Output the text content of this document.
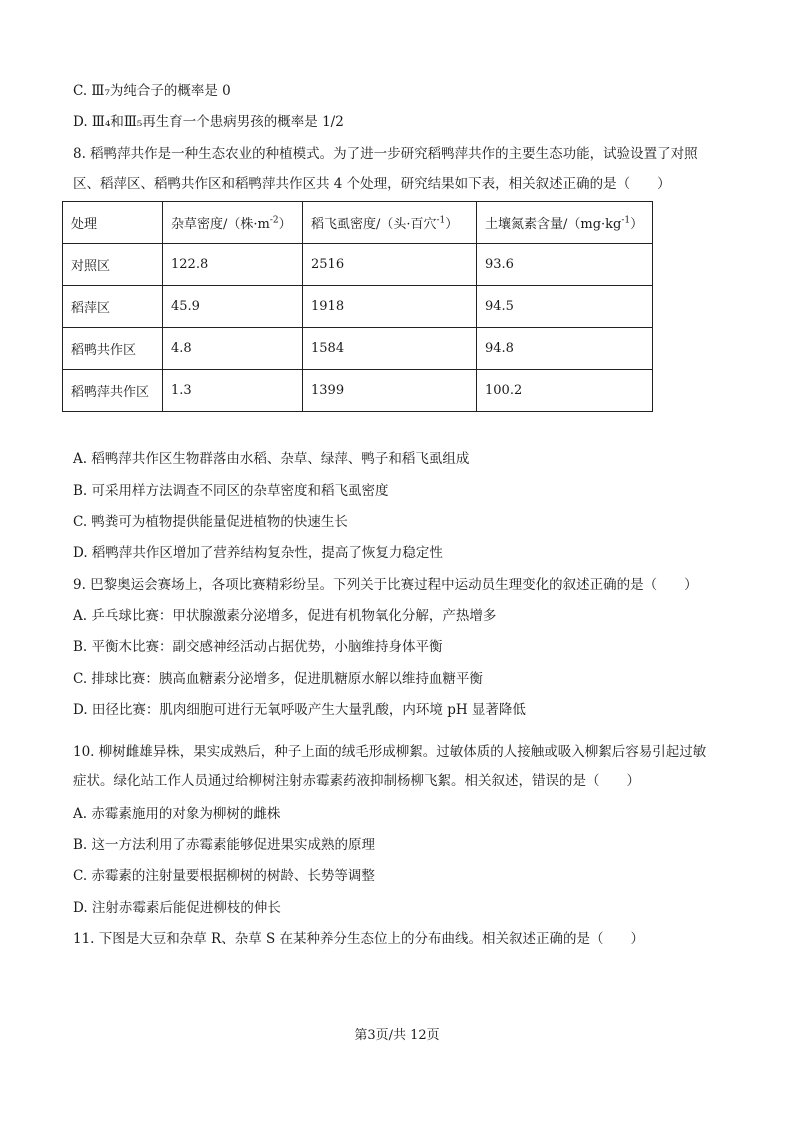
C. Ⅲ₇为纯合子的概率是 0
D. Ⅲ₄和Ⅲ₅再生育一个患病男孩的概率是 1/2
8. 稻鸭萍共作是一种生态农业的种植模式。为了进一步研究稻鸭萍共作的主要生态功能，试验设置了对照
区、稻萍区、稻鸭共作区和稻鸭萍共作区共 4 个处理，研究结果如下表，相关叙述正确的是（　　）
处理	杂草密度/（株$\cdot m^{-2}$）	稻飞虱密度/（头·百穴$^{-1}$）	土壤氮素含量$/(mg\cdot kg^{-1})$
对照区	122.8	2516	93.6
稻萍区	45.9	1918	94.5
稻鸭共作区	4.8	1584	94.8
稻鸭萍共作区	1.3	1399	100.2
A. 稻鸭萍共作区生物群落由水稻、杂草、绿萍、鸭子和稻飞虱组成
B. 可采用样方法调查不同区的杂草密度和稻飞虱密度
C. 鸭粪可为植物提供能量促进植物的快速生长
D. 稻鸭萍共作区增加了营养结构复杂性，提高了恢复力稳定性
9. 巴黎奥运会赛场上，各项比赛精彩纷呈。下列关于比赛过程中运动员生理变化的叙述正确的是（　　）
A. 乒乓球比赛：甲状腺激素分泌增多，促进有机物氧化分解，产热增多
B. 平衡木比赛：副交感神经活动占据优势，小脑维持身体平衡
C. 排球比赛：胰高血糖素分泌增多，促进肌糖原水解以维持血糖平衡
D. 田径比赛：肌肉细胞可进行无氧呼吸产生大量乳酸，内环境 pH 显著降低
10. 柳树雌雄异株，果实成熟后，种子上面的绒毛形成柳絮。过敏体质的人接触或吸入柳絮后容易引起过敏
症状。绿化站工作人员通过给柳树注射赤霉素药液抑制杨柳飞絮。相关叙述，错误的是（　　）
A. 赤霉素施用的对象为柳树的雌株
B. 这一方法利用了赤霉素能够促进果实成熟的原理
C. 赤霉素的注射量要根据柳树的树龄、长势等调整
D. 注射赤霉素后能促进柳枝的伸长
11. 下图是大豆和杂草 R、杂草 S 在某种养分生态位上的分布曲线。相关叙述正确的是（　　）
第3页/共 12页
